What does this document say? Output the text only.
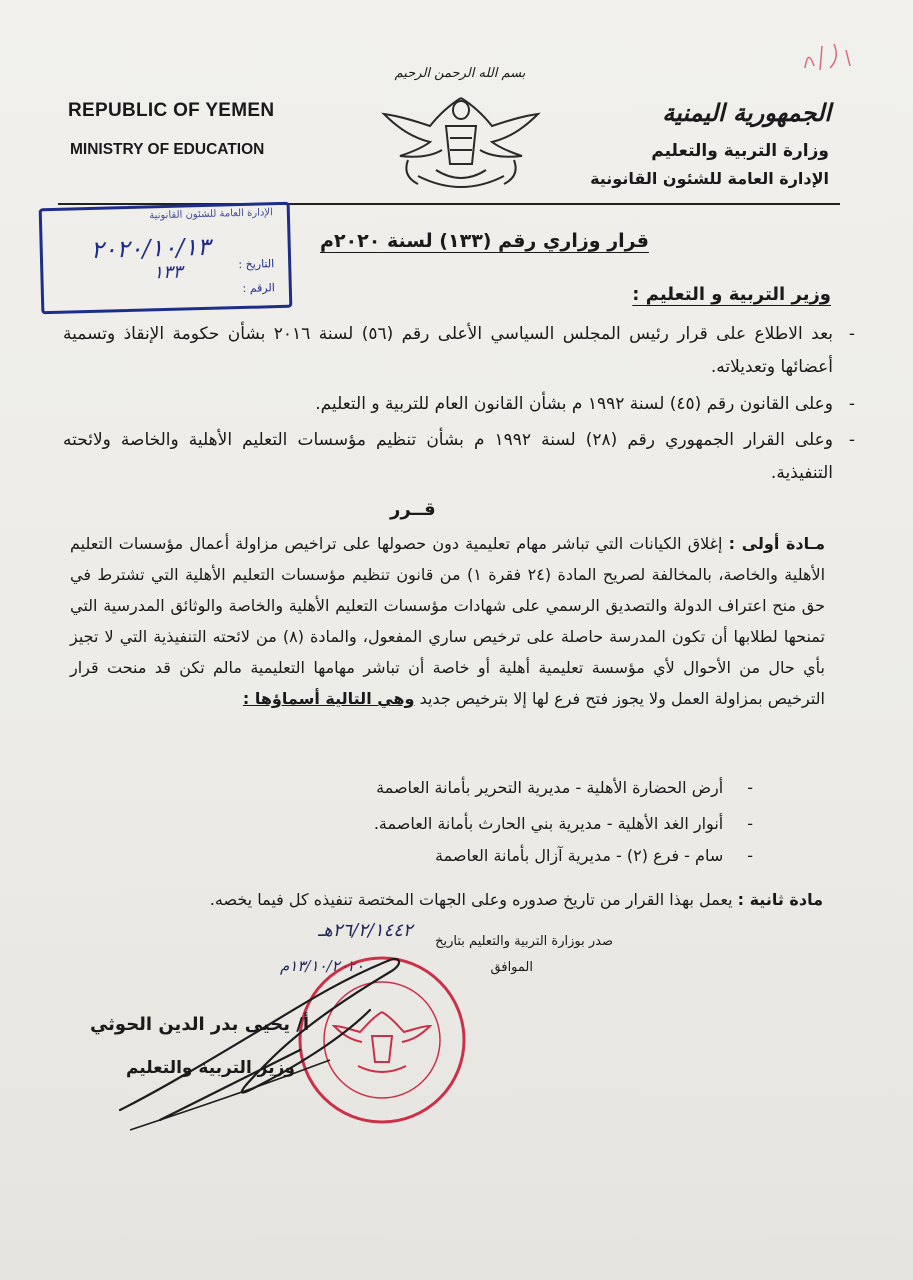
REPUBLIC OF YEMEN
MINISTRY OF EDUCATION
الجمهورية اليمنية
وزارة التربية والتعليم
الإدارة العامة للشئون القانونية
بسم الله الرحمن الرحيم
الإدارة العامة للشئون القانونية
التاريخ :
الرقم :
٢٠٢٠/١٠/١٣
١٣٣
قرار وزاري رقم (١٣٣) لسنة ٢٠٢٠م
وزير التربية و التعليم :
-
بعد الاطلاع على قرار رئيس المجلس السياسي الأعلى رقم (٥٦) لسنة ٢٠١٦ بشأن حكومة الإنقاذ وتسمية أعضائها وتعديلاته.
-
وعلى القانون رقم (٤٥) لسنة ١٩٩٢ م بشأن القانون العام للتربية و التعليم.
-
وعلى القرار الجمهوري رقم (٢٨) لسنة ١٩٩٢ م بشأن تنظيم مؤسسات التعليم الأهلية والخاصة ولائحته التنفيذية.
قــرر
مـادة أولى : إغلاق الكيانات التي تباشر مهام تعليمية دون حصولها على تراخيص مزاولة أعمال مؤسسات التعليم الأهلية والخاصة، بالمخالفة لصريح المادة (٢٤ فقرة ١) من قانون تنظيم مؤسسات التعليم الأهلية التي تشترط في حق منح اعتراف الدولة والتصديق الرسمي على شهادات مؤسسات التعليم الأهلية والخاصة والوثائق المدرسية التي تمنحها لطلابها أن تكون المدرسة حاصلة على ترخيص ساري المفعول، والمادة (٨) من لائحته التنفيذية التي لا تجيز بأي حال من الأحوال لأي مؤسسة تعليمية أهلية أو خاصة أن تباشر مهامها التعليمية مالم تكن قد منحت قرار الترخيص بمزاولة العمل ولا يجوز فتح فرع لها إلا بترخيص جديد وهي التالية أسماؤها :
-أرض الحضارة الأهلية - مديرية التحرير بأمانة العاصمة
-أنوار الغد الأهلية - مديرية بني الحارث بأمانة العاصمة.
-سام - فرع (٢) - مديرية آزال بأمانة العاصمة
مادة ثانية : يعمل بهذا القرار من تاريخ صدوره وعلى الجهات المختصة تنفيذه كل فيما يخصه.
صدر بوزارة التربية والتعليم بتاريخ
٢٦/٢/١٤٤٢هـ
الموافق
١٣/١٠/٢٠٢٠م
أ/ يحيى بدر الدين الحوثي
وزير التربية والتعليم
